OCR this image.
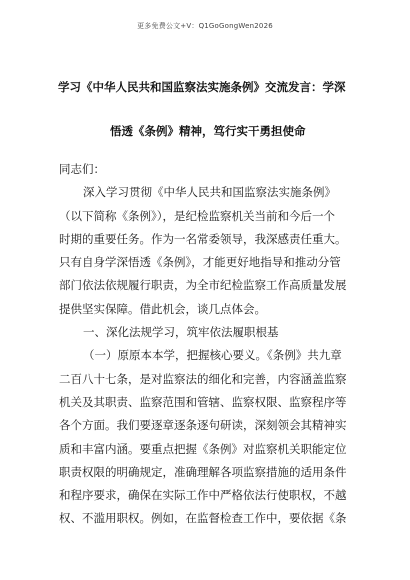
更多免费公文+V：Q1GoGongWen2026
学习《中华人民共和国监察法实施条例》交流发言：学深
悟透《条例》精神，笃行实干勇担使命

同志们：

深入学习贯彻《中华人民共和国监察法实施条例》

（以下简称《条例》），是纪检监察机关当前和今后一个

时期的重要任务。作为一名常委领导，我深感责任重大。

只有自身学深悟透《条例》，才能更好地指导和推动分管

部门依法依规履行职责，为全市纪检监察工作高质量发展

提供坚实保障。借此机会，谈几点体会。

一、深化法规学习，筑牢依法履职根基

（一）原原本本学，把握核心要义。《条例》共九章

二百八十七条，是对监察法的细化和完善，内容涵盖监察

机关及其职责、监察范围和管辖、监察权限、监察程序等

各个方面。我们要逐章逐条逐句研读，深刻领会其精神实

质和丰富内涵。要重点把握《条例》对监察机关职能定位

职责权限的明确规定，准确理解各项监察措施的适用条件

和程序要求，确保在实际工作中严格依法行使职权，不越

权、不滥用职权。例如，在监督检查工作中，要依据《条
